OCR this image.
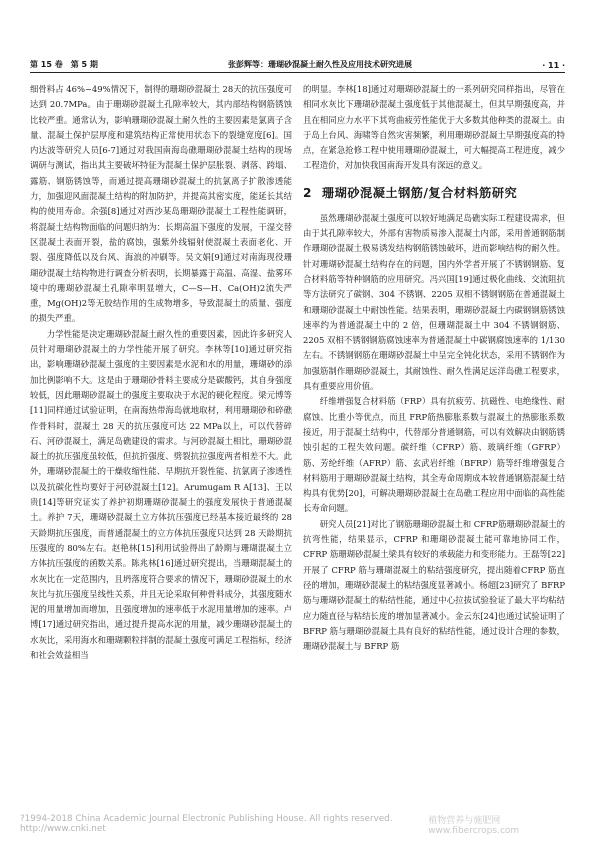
第 15 卷　第 5 期	张彭辉等：珊瑚砂混凝土耐久性及应用技术研究进展	· 11 ·

细骨料占 46%~49%情况下，制得的珊瑚砂混凝土 28天的抗压强度可达到 20.7MPa。由于珊瑚砂混凝土孔隙率较大，其内部结构钢筋锈蚀比较严重。通常认为，影响珊瑚砂混凝土耐久性的主要因素是氯离子含量、混凝土保护层厚度和建筑结构正常使用状态下的裂缝宽度[6]。国内达波等研究人员[6-7]通过对我国南海岛礁珊瑚砂混凝土结构的现场调研与测试，指出其主要破坏特征为混凝土保护层胀裂、剥落、跨塌、露筋、钢筋锈蚀等，而通过提高珊瑚砂混凝土的抗氯离子扩散渗透能力，加强迎风面混凝土结构的附加防护，并提高其密实度，能延长其结构的使用寿命。余强[8]通过对西沙某岛珊瑚砂混凝土工程性能调研，将混凝土结构物面临的问题归纳为：长期高温下强度的发展，干湿交替区混凝土表面开裂，盐的腐蚀，强紫外线辐射使混凝土表面老化、开裂、强度降低以及台风、海浪的冲刷等。吴文娟[9]通过对南海现役珊瑚砂混凝土结构物进行调查分析表明，长期暴露于高温、高湿、盐雾环境中的珊瑚砂混凝土孔隙率明显增大，C—S—H、Ca(OH)2流失严重，Mg(OH)2等无胶结作用的生成物增多，导致混凝土的质量、强度的损失严重。

力学性能是决定珊瑚砂混凝土耐久性的重要因素，因此许多研究人员针对珊瑚砂混凝土的力学性能开展了研究。李林等[10]通过研究指出，影响珊瑚砂混凝土强度的主要因素是水泥和水的用量，珊瑚砂的添加比例影响不大。这是由于珊瑚砂骨料主要成分是碳酸钙，其自身强度较低，因此珊瑚砂混凝土的强度主要取决于水泥的硬化程度。梁元博等[11]同样通过试验证明，在南海热带海岛就地取材，利用珊瑚砂和碎礁作骨料时，混凝土 28 天的抗压强度可达 22 MPa以上，可以代替碎石、河砂混凝土，满足岛礁建设的需求。与河砂混凝土相比，珊瑚砂混凝土的抗压强度虽较低，但抗折强度、劈裂抗拉强度两者相差不大。此外，珊瑚砂混凝土的干燥收缩性能、早期抗开裂性能、抗氯离子渗透性以及抗碳化性均要好于河砂混凝土[12]。Arumugam R A[13]、王以贵[14]等研究证实了养护初期珊瑚砂混凝土的强度发展快于普通混凝土。养护 7天，珊瑚砂混凝土立方体抗压强度已经基本接近最终的 28 天龄期抗压强度，而普通混凝土的立方体抗压强度只达到 28 天龄期抗压强度的 80%左右。赵艳林[15]利用试验得出了龄期与珊瑚混凝土立方体抗压强度的函数关系。陈兆林[16]通过研究提出，当珊瑚混凝土的水灰比在一定范围内，且坍落度符合要求的情况下，珊瑚砂混凝土的水灰比与抗压强度呈线性关系，并且无论采取何种骨料成分，其强度随水泥的用量增加而增加，且强度增加的速率低于水泥用量增加的速率。卢博[17]通过研究指出，通过提升提高水泥的用量，减少珊瑚砂混凝土的水灰比，采用海水和珊瑚颗粒拌制的混凝土强度可满足工程指标，经济和社会效益相当

的明显。李林[18]通过对珊瑚砂混凝土的一系列研究同样指出，尽管在相同水灰比下珊瑚砂混凝土强度低于其他混凝土，但其早期强度高，并且在相同应力水平下其弯曲疲劳性能优于大多数其他种类的混凝土。由于岛上台风、海啸等自然灾害频繁，利用珊瑚砂混凝土早期强度高的特点，在紧急抢修工程中使用珊瑚砂混凝土，可大幅提高工程进度，减少工程造价，对加快我国南海开发具有深远的意义。

2 珊瑚砂混凝土钢筋/复合材料筋研究

虽然珊瑚砂混凝土强度可以较好地满足岛礁实际工程建设需求，但由于其孔隙率较大，外部有害物质易渗入混凝土内部，采用普通钢筋制作珊瑚砂混凝土极易诱发结构钢筋锈蚀破坏，进而影响结构的耐久性。针对珊瑚砂混凝土结构存在的问题，国内外学者开展了不锈钢钢筋、复合材料筋等特种钢筋的应用研究。冯兴国[19]通过极化曲线、交流阻抗等方法研究了碳钢、304 不锈钢、2205 双相不锈钢钢筋在普通混凝土和珊瑚砂混凝土中耐蚀性能。结果表明，珊瑚砂混凝土内碳钢钢筋锈蚀速率约为普通混凝土中的 2 倍，但珊瑚混凝土中 304 不锈钢钢筋、2205 双相不锈钢钢筋腐蚀速率为普通混凝土中碳钢腐蚀速率的 1/130左右。不锈钢钢筋在珊瑚砂混凝土中呈完全钝化状态，采用不锈钢作为加强筋制作珊瑚砂混凝土，其耐蚀性、耐久性满足远洋岛礁工程要求，具有重要应用价值。

纤维增强复合材料筋（FRP）具有抗疲劳、抗磁性、电绝缘性、耐腐蚀、比重小等优点，而且 FRP筋热膨胀系数与混凝土的热膨胀系数接近，用于混凝土结构中，代替部分普通钢筋，可以有效解决由钢筋锈蚀引起的工程失效问题。碳纤维（CFRP）筋、玻璃纤维（GFRP）筋、芳纶纤维（AFRP）筋、玄武岩纤维（BFRP）筋等纤维增强复合材料筋用于珊瑚砂混凝土结构，其全寿命周期成本较普通钢筋混凝土结构具有优势[20]，可解决珊瑚砂混凝土在岛礁工程应用中面临的高性能长寿命问题。

研究人员[21]对比了钢筋珊瑚砂混凝土和 CFRP筋珊瑚砂混凝土的抗弯性能，结果显示，CFRP 和珊瑚砂混凝土能可靠地协同工作，CFRP 筋珊瑚砂混凝土梁具有较好的承载能力和变形能力。王磊等[22]开展了 CFRP 筋与珊瑚混凝土的粘结强度研究，提出随着CFRP 筋直径的增加，珊瑚砂混凝土的粘结强度显著减小。杨超[23]研究了 BFRP 筋与珊瑚砂混凝土的粘结性能，通过中心拉拔试验验证了最大平均粘结应力随直径与粘结长度的增加显著减小。金云东[24]也通过试验证明了BFRP 筋与珊瑚砂混凝土具有良好的粘结性能，通过设计合理的参数，珊瑚砂混凝土与 BFRP 筋

?1994-2018 China Academic Journal Electronic Publishing House. All rights reserved. http://www.cnki.net
植物营养与施肥网 www.fibercrops.com
